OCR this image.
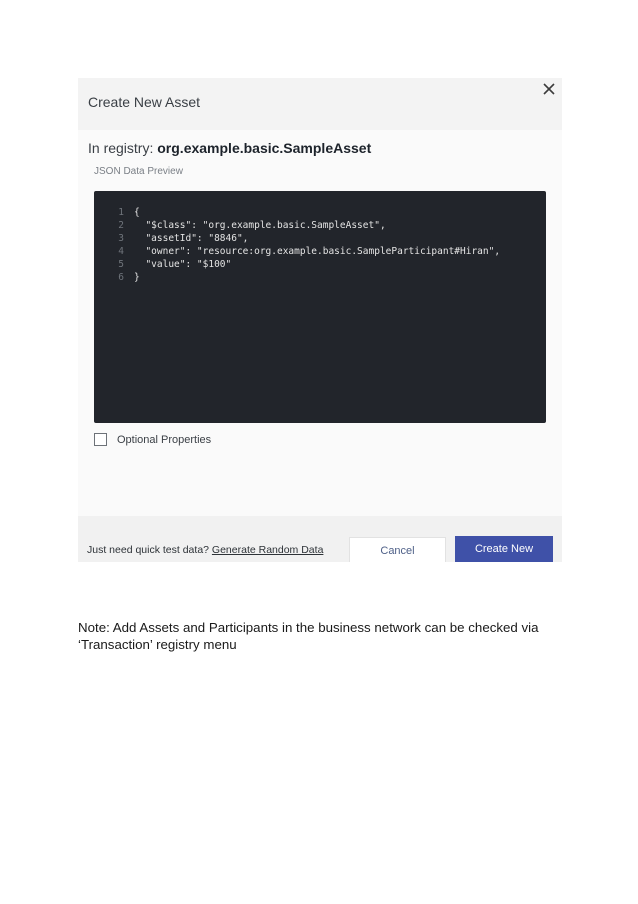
Create New Asset
In registry: org.example.basic.SampleAsset
JSON Data Preview
1 {
2  "$class": "org.example.basic.SampleAsset",
3  "assetId": "8846",
4  "owner": "resource:org.example.basic.SampleParticipant#Hiran",
5  "value": "$100"
6 }
Optional Properties
Just need quick test data? Generate Random Data	Cancel	Create New
Note: Add Assets and Participants in the business network can be checked via ‘Transaction’ registry menu
